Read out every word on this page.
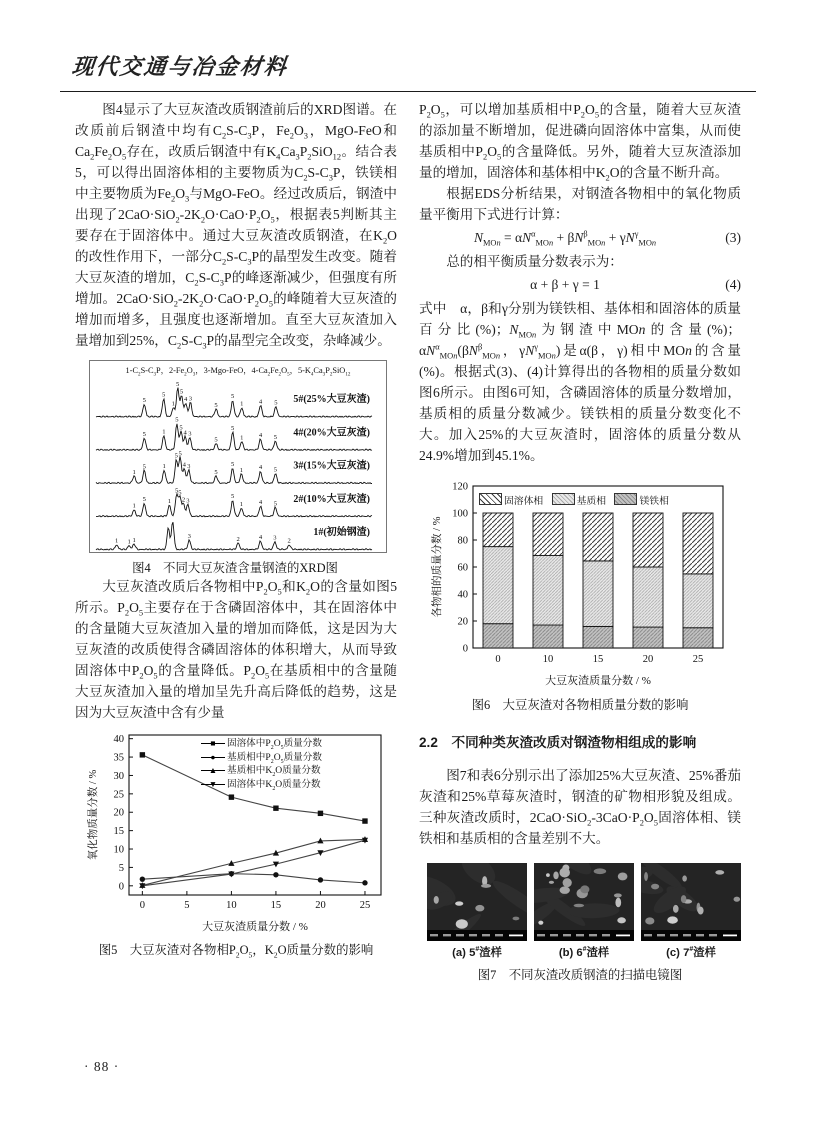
现代交通与冶金材料

图4显示了大豆灰渣改质钢渣前后的XRD图谱。在改质前后钢渣中均有$C_2S-C_3P$，$Fe_2O_3$，MgO-FeO和$Ca_2Fe_2O_5$存在，改质后钢渣中有$K_4Ca_3P_2SiO_{12}$。结合表5，可以得出固溶体相的主要物质为$C_2S-C_3P$，铁镁相中主要物质为$Fe_2O_3$与MgO-FeO。经过改质后，钢渣中出现了$2CaO\cdot SiO_2-2K_2O\cdot CaO\cdot P_2O_5$，根据表5判断其主要存在于固溶体中。通过大豆灰渣改质钢渣，在$K_2O$的改性作用下，一部分$C_2S-C_3P$的晶型发生改变。随着大豆灰渣的增加，$C_2S-C_3P$的峰逐渐减少，但强度有所增加。$2CaO\cdot SiO_2-2K_2O\cdot CaO\cdot P_2O_5$的峰随着大豆灰渣的增加而增多，且强度也逐渐增加。直至大豆灰渣加入量增加到25%，$C_2S-C_3P$的晶型完全改变，杂峰减少。

$1-C_2S-C_3P$，$2-Fe_2O_3$，3-Mgo-FeO，$4-Ca_2Fe_2O_5$，$5-K_4Ca_3P_2SiO_{12}$
5
5
1
5
5
4 3
5
5
1 4 5 5#(25%大豆灰渣)
5 1
5
5
4 3
5
5
1 4 5 4#(20%大豆灰渣)
1
5	1
5 5
4 3
5
5
1 4 5 3#(15%大豆灰渣)
1
5	1
5 5
2 3
5
1 4 5 2#(10%大豆灰渣)
1 1 1
3	2	4 3 2
1#(初始钢渣)
图4　不同大豆灰渣含量钢渣的XRD图

大豆灰渣改质后各物相中$P_2O_5$和$K_2O$的含量如图5所示。$P_2O_5$主要存在于含磷固溶体中，其在固溶体中的含量随大豆灰渣加入量的增加而降低，这是因为大豆灰渣的改质使得含磷固溶体的体积增大，从而导致固溶体中$P_2O_5$的含量降低。$P_2O_5$在基质相中的含量随大豆灰渣加入量的增加呈先升高后降低的趋势，这是因为大豆灰渣中含有少量

0
5
10
15
20
25
30
35
40
0	5	10	15	20	25
氧化物质量分数 / %
大豆灰渣质量分数 / %
■ 固溶体中$P_2O_5$质量分数
● 基质相中$P_2O_5$质量分数
▲ 基质相中$K_2O$质量分数
▼ 固溶体中$K_2O$质量分数
图5　大豆灰渣对各物相$P_2O_5$，$K_2O$质量分数的影响

$P_2O_5$，可以增加基质相中$P_2O_5$的含量，随着大豆灰渣的添加量不断增加，促进磷向固溶体中富集，从而使基质相中$P_2O_5$的含量降低。另外，随着大豆灰渣添加量的增加，固溶体和基体相中$K_2O$的含量不断升高。

根据EDS分析结果，对钢渣各物相中的氧化物质量平衡用下式进行计算：

$N_{MOn} = \alpha N^\alpha_{MOn} + \beta N^\beta_{MOn} + \gamma N^\gamma_{MOn}$	(3)

总的相平衡质量分数表示为：

α + β + γ = 1	(4)

式中　α，β和γ分别为镁铁相、基体相和固溶体的质量百分比(%)；$N_{MOn}$为钢渣中MOn的含量(%)；$\alpha N^\alpha_{MOn}(\beta N^\beta_{MOn}$，$\gamma N^\gamma_{MOn}$)是α(β，γ)相中MOn的含量(%)。根据式(3)、(4)计算得出的各物相的质量分数如图6所示。由图6可知，含磷固溶体的质量分数增加，基质相的质量分数减少。镁铁相的质量分数变化不大。加入25%的大豆灰渣时，固溶体的质量分数从24.9%增加到45.1%。

0
20
40
60
80
100
120
0	10	15	20	25
各物相的质量分数 / %
大豆灰渣质量分数 / %
固溶体相	基质相	镁铁相
图6　大豆灰渣对各物相质量分数的影响
2.2　不同种类灰渣改质对钢渣物相组成的影响

图7和表6分别示出了添加25%大豆灰渣、25%番茄灰渣和25%草莓灰渣时，钢渣的矿物相形貌及组成。三种灰渣改质时，$2CaO\cdot SiO_2-3CaO\cdot P_2O_5$固溶体相、镁铁相和基质相的含量差别不大。

(a) 5#渣样	(b) 6#渣样	(c) 7#渣样
图7　不同灰渣改质钢渣的扫描电镜图
· 88 ·
